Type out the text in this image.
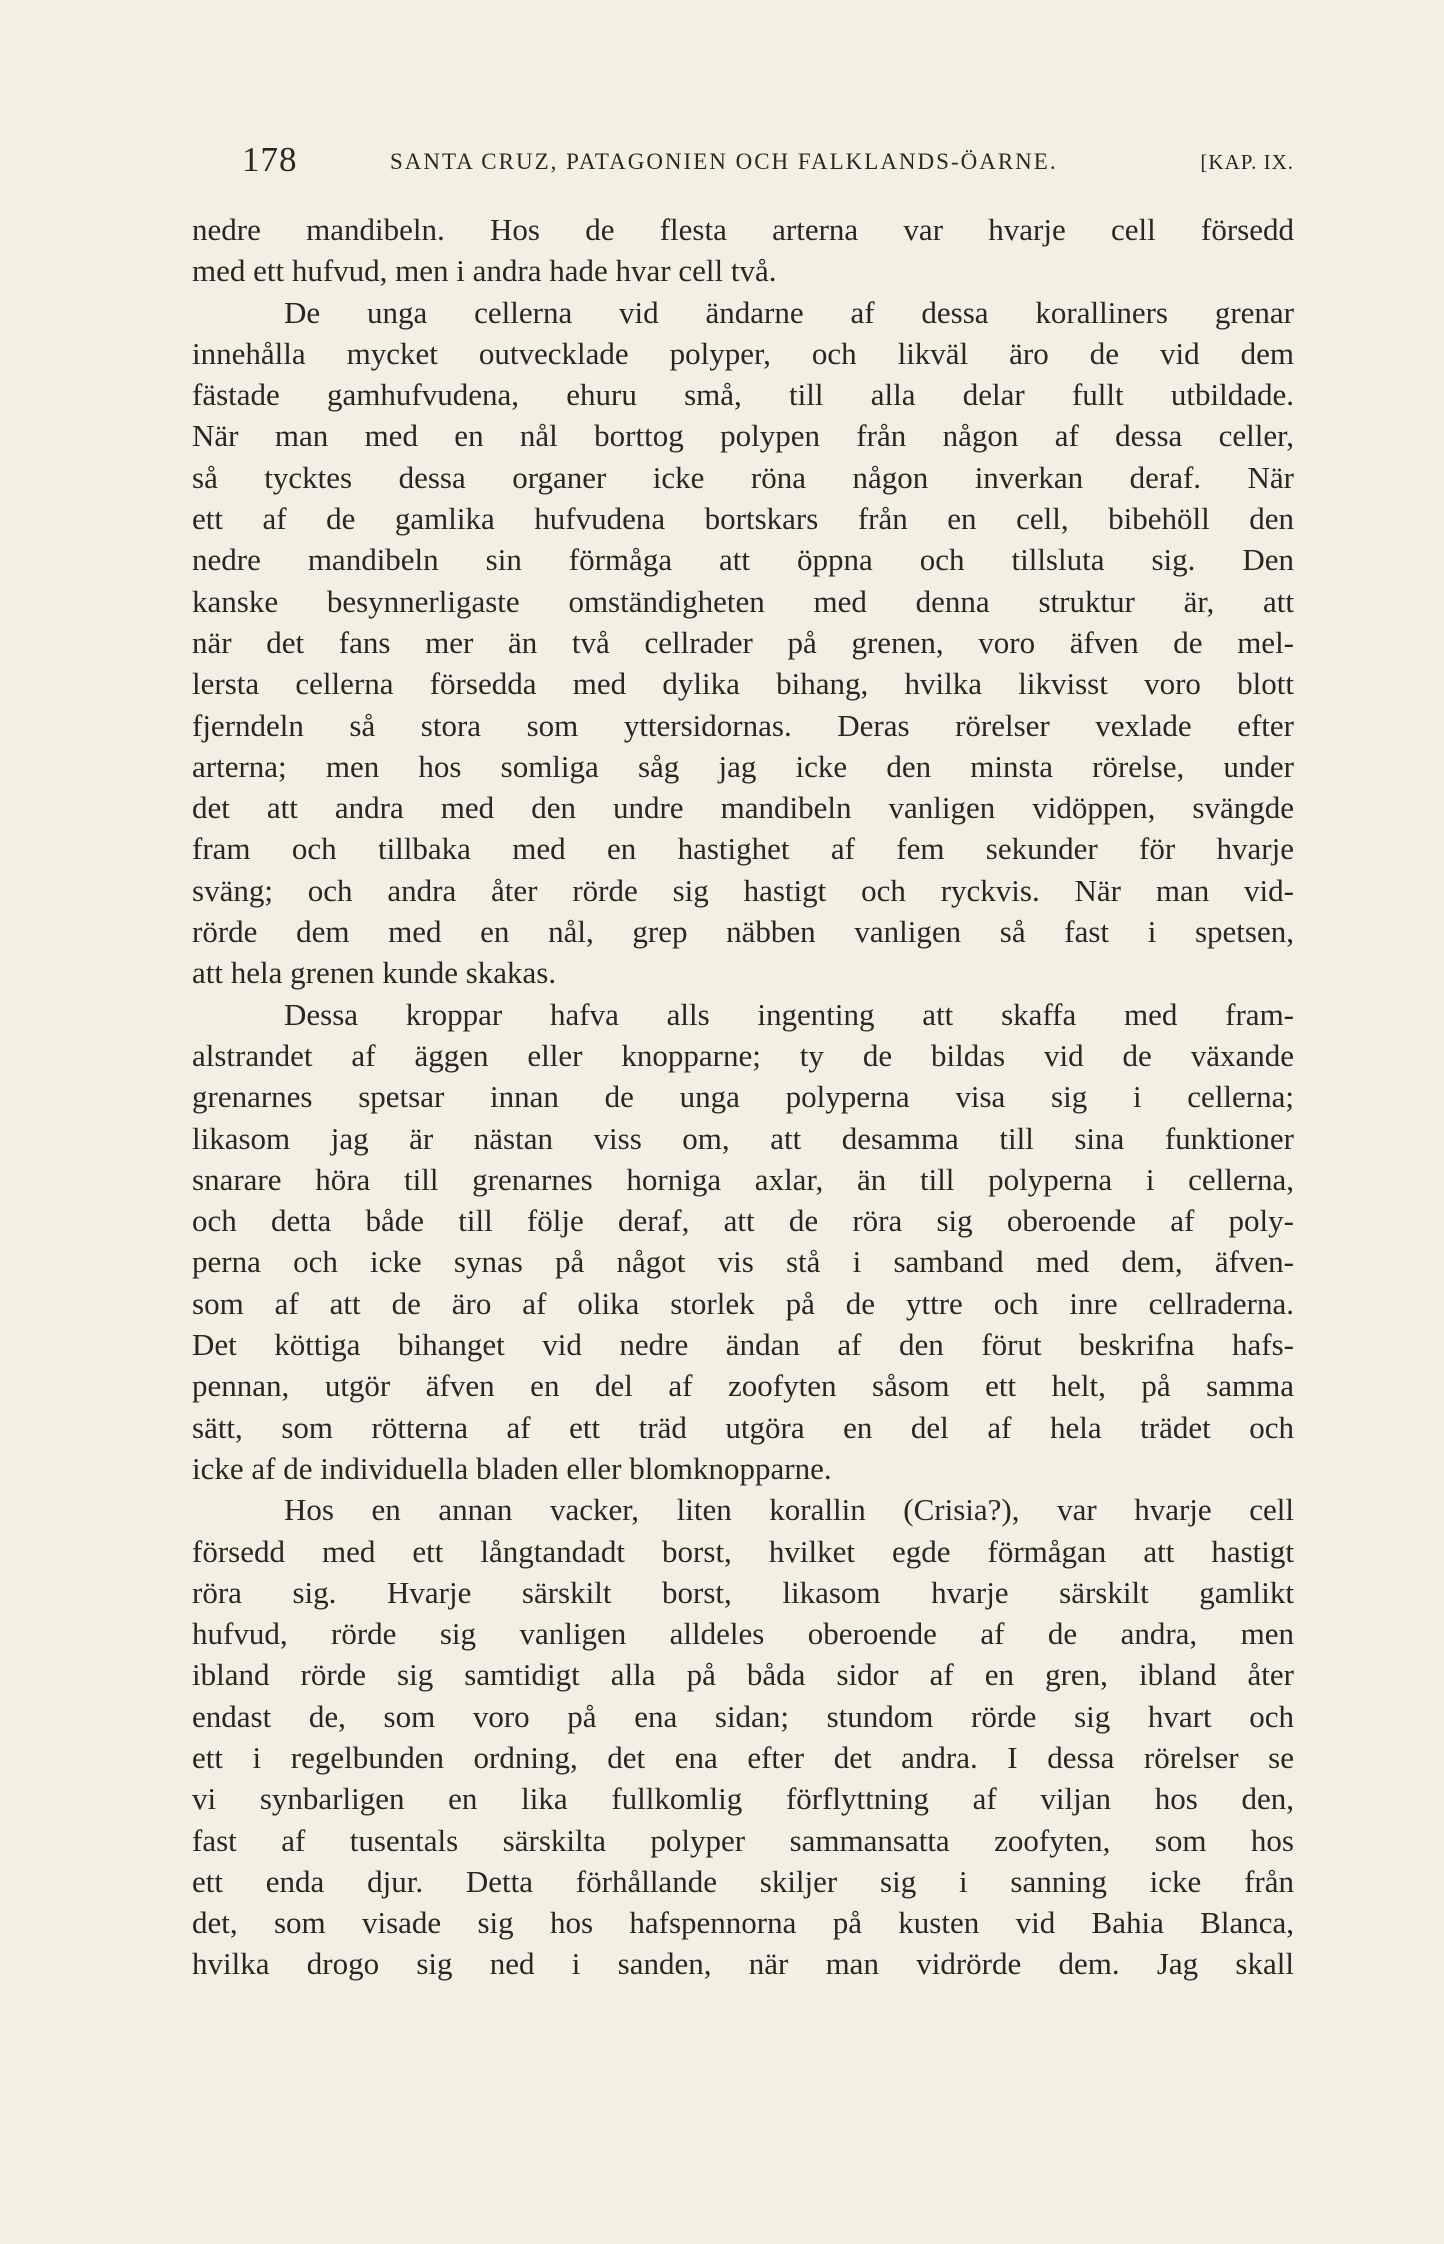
178	SANTA CRUZ, PATAGONIEN OCH FALKLANDS-ÖARNE.	[KAP. IX.
nedre mandibeln. Hos de flesta arterna var hvarje cell försedd
med ett hufvud, men i andra hade hvar cell två.
De unga cellerna vid ändarne af dessa koralliners grenar
innehålla mycket outvecklade polyper, och likväl äro de vid dem
fästade gamhufvudena, ehuru små, till alla delar fullt utbildade.
När man med en nål borttog polypen från någon af dessa celler,
så tycktes dessa organer icke röna någon inverkan deraf. När
ett af de gamlika hufvudena bortskars från en cell, bibehöll den
nedre mandibeln sin förmåga att öppna och tillsluta sig. Den
kanske besynnerligaste omständigheten med denna struktur är, att
när det fans mer än två cellrader på grenen, voro äfven de mel-
lersta cellerna försedda med dylika bihang, hvilka likvisst voro blott
fjerndeln så stora som yttersidornas. Deras rörelser vexlade efter
arterna; men hos somliga såg jag icke den minsta rörelse, under
det att andra med den undre mandibeln vanligen vidöppen, svängde
fram och tillbaka med en hastighet af fem sekunder för hvarje
sväng; och andra åter rörde sig hastigt och ryckvis. När man vid-
rörde dem med en nål, grep näbben vanligen så fast i spetsen,
att hela grenen kunde skakas.
Dessa kroppar hafva alls ingenting att skaffa med fram-
alstrandet af äggen eller knopparne; ty de bildas vid de växande
grenarnes spetsar innan de unga polyperna visa sig i cellerna;
likasom jag är nästan viss om, att desamma till sina funktioner
snarare höra till grenarnes horniga axlar, än till polyperna i cellerna,
och detta både till följe deraf, att de röra sig oberoende af poly-
perna och icke synas på något vis stå i samband med dem, äfven-
som af att de äro af olika storlek på de yttre och inre cellraderna.
Det köttiga bihanget vid nedre ändan af den förut beskrifna hafs-
pennan, utgör äfven en del af zoofyten såsom ett helt, på samma
sätt, som rötterna af ett träd utgöra en del af hela trädet och
icke af de individuella bladen eller blomknopparne.
Hos en annan vacker, liten korallin (Crisia?), var hvarje cell
försedd med ett långtandadt borst, hvilket egde förmågan att hastigt
röra sig. Hvarje särskilt borst, likasom hvarje särskilt gamlikt
hufvud, rörde sig vanligen alldeles oberoende af de andra, men
ibland rörde sig samtidigt alla på båda sidor af en gren, ibland åter
endast de, som voro på ena sidan; stundom rörde sig hvart och
ett i regelbunden ordning, det ena efter det andra. I dessa rörelser se
vi synbarligen en lika fullkomlig förflyttning af viljan hos den,
fast af tusentals särskilta polyper sammansatta zoofyten, som hos
ett enda djur. Detta förhållande skiljer sig i sanning icke från
det, som visade sig hos hafspennorna på kusten vid Bahia Blanca,
hvilka drogo sig ned i sanden, när man vidrörde dem. Jag skall
